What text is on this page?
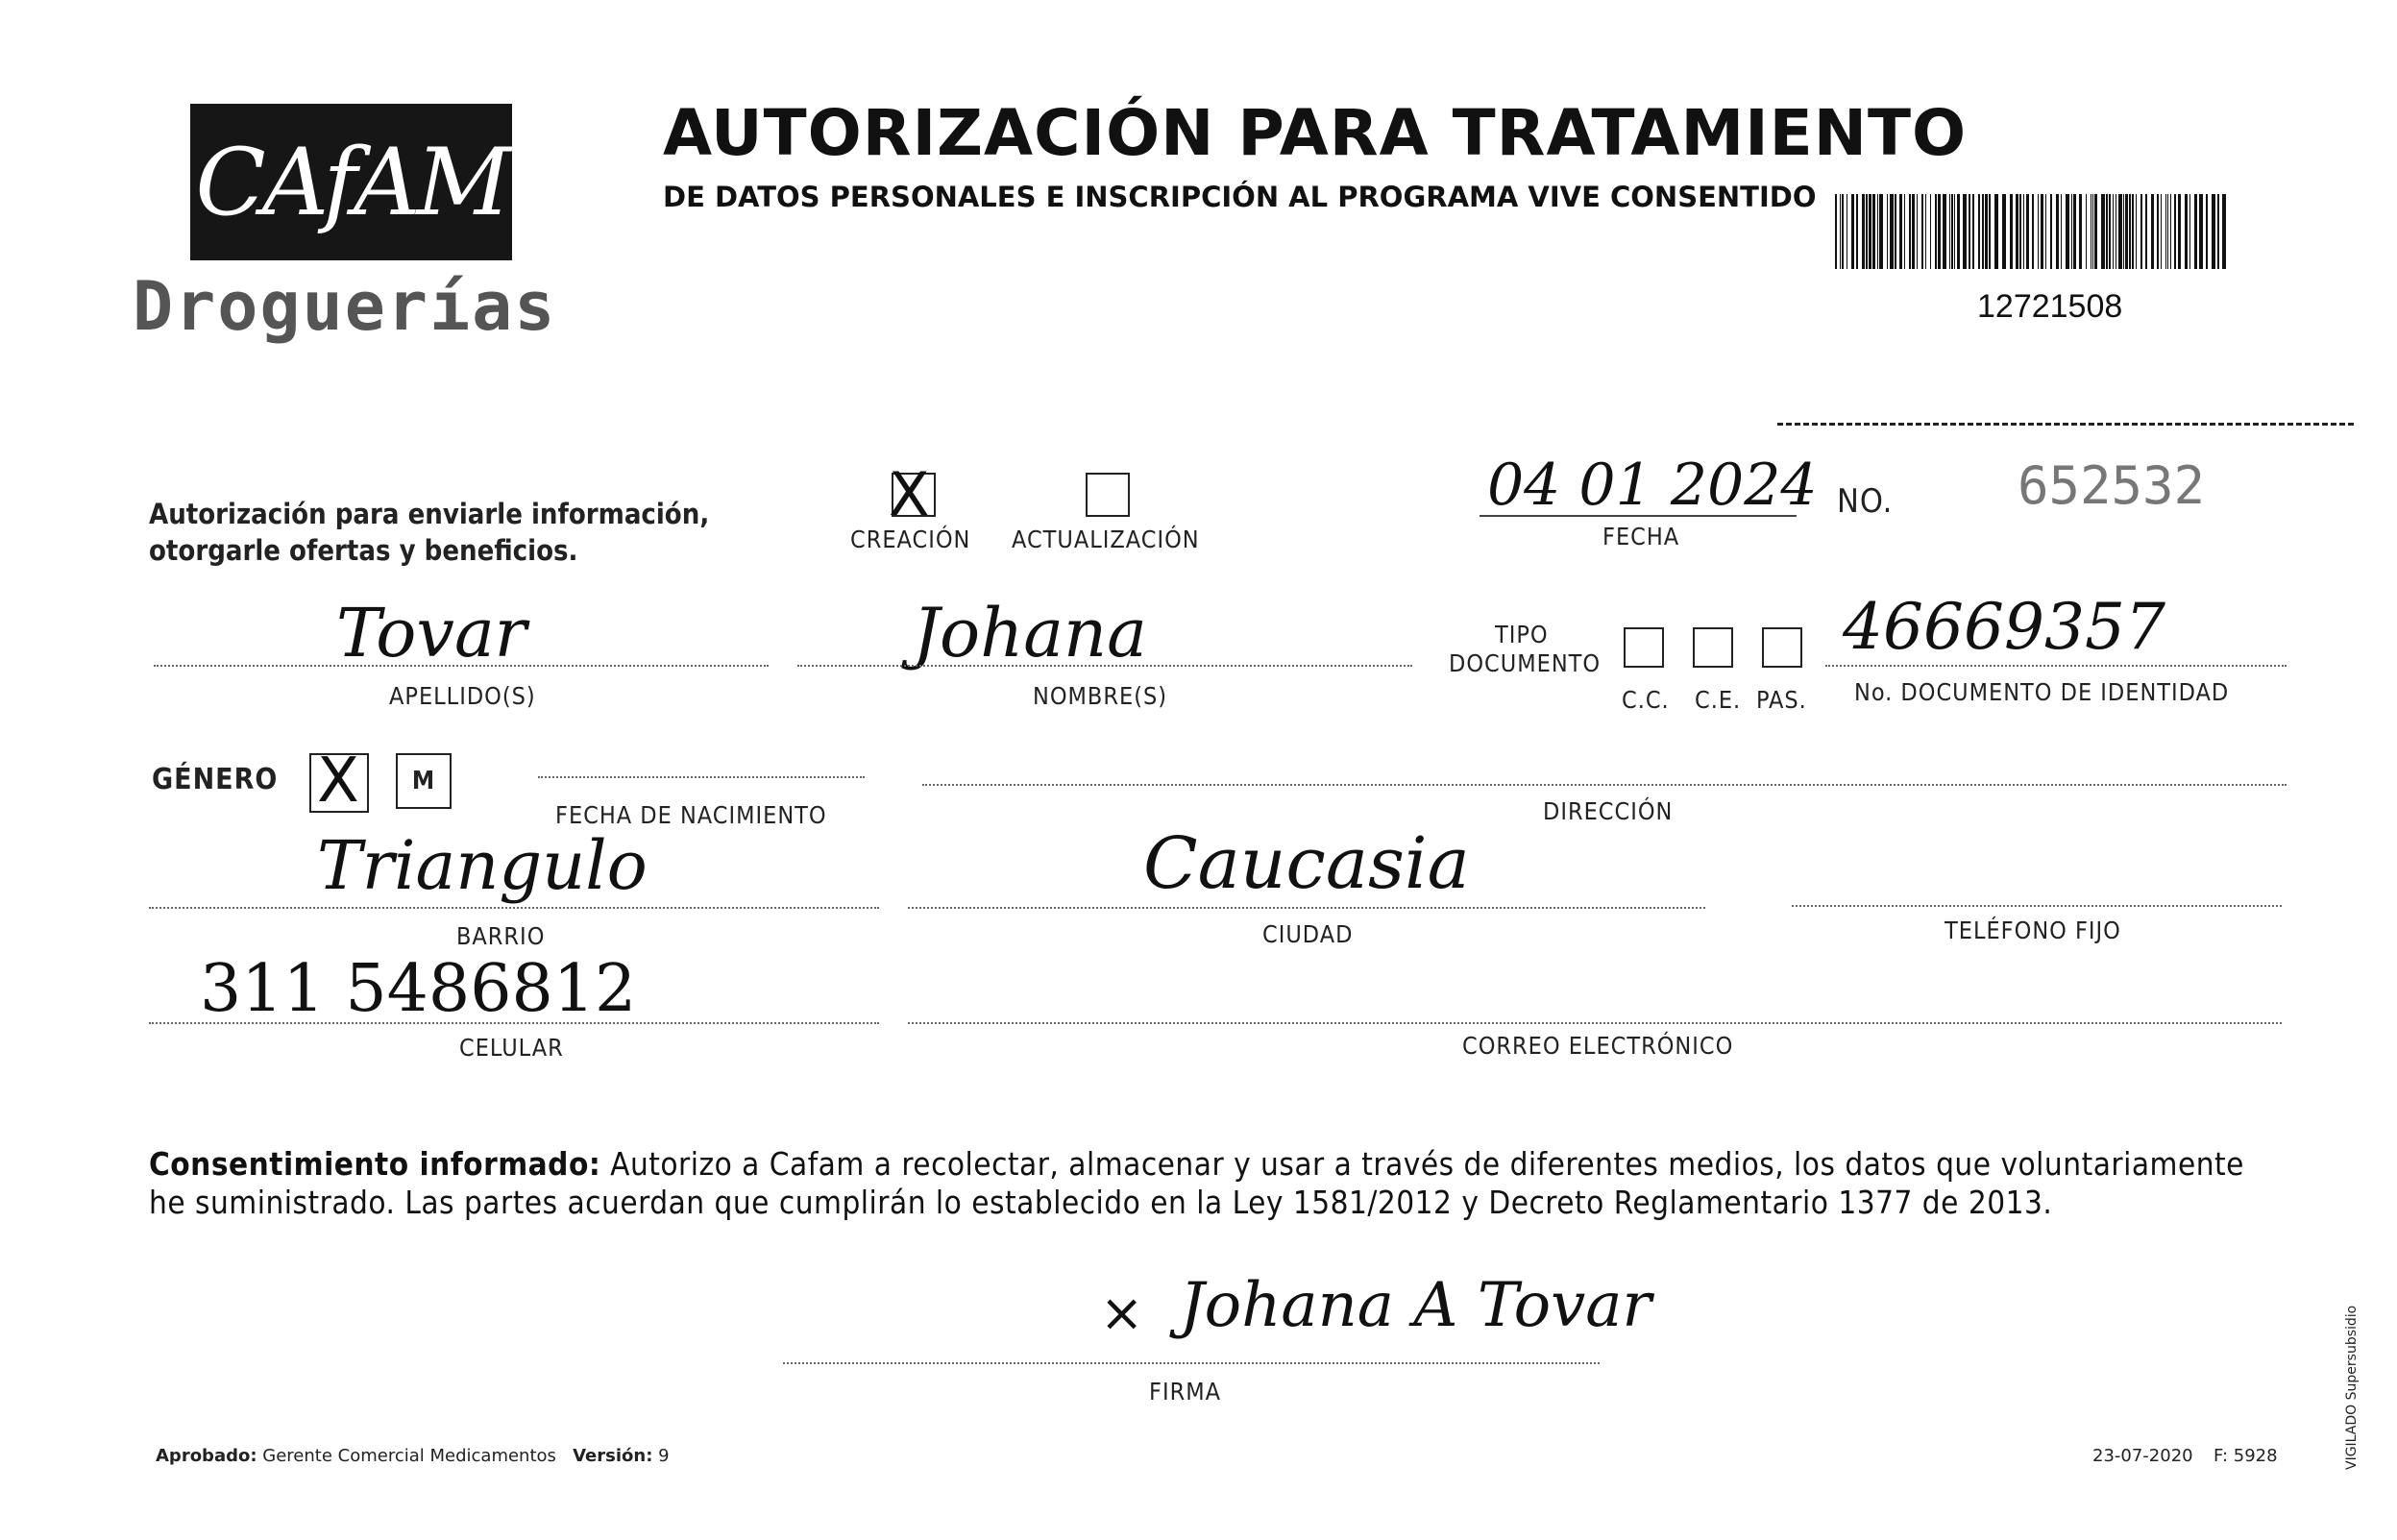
CAfAM
Droguerías
AUTORIZACIÓN PARA TRATAMIENTO
DE DATOS PERSONALES E INSCRIPCIÓN AL PROGRAMA VIVE CONSENTIDO
12721508
Autorización para enviarle información,
otorgarle ofertas y beneficios.
X
CREACIÓN ACTUALIZACIÓN
04 01 2024
FECHA
NO. 652532
Tovar
APELLIDO(S)
Johana
NOMBRE(S)
TIPO
DOCUMENTO
C.C. C.E. PAS.
46669357
No. DOCUMENTO DE IDENTIDAD
GÉNERO X M
FECHA DE NACIMIENTO	DIRECCIÓN
Triangulo
BARRIO
Caucasia
CIUDAD	TELÉFONO FIJO
311 5486812
CELULAR	CORREO ELECTRÓNICO
Consentimiento informado: Autorizo a Cafam a recolectar, almacenar y usar a través de diferentes medios, los datos que voluntariamente he suministrado. Las partes acuerdan que cumplirán lo establecido en la Ley 1581/2012 y Decreto Reglamentario 1377 de 2013.
× Johana A Tovar
FIRMA
Aprobado: Gerente Comercial Medicamentos Versión: 9	23-07-2020 F: 5928	VIGILADO Supersubsidio
